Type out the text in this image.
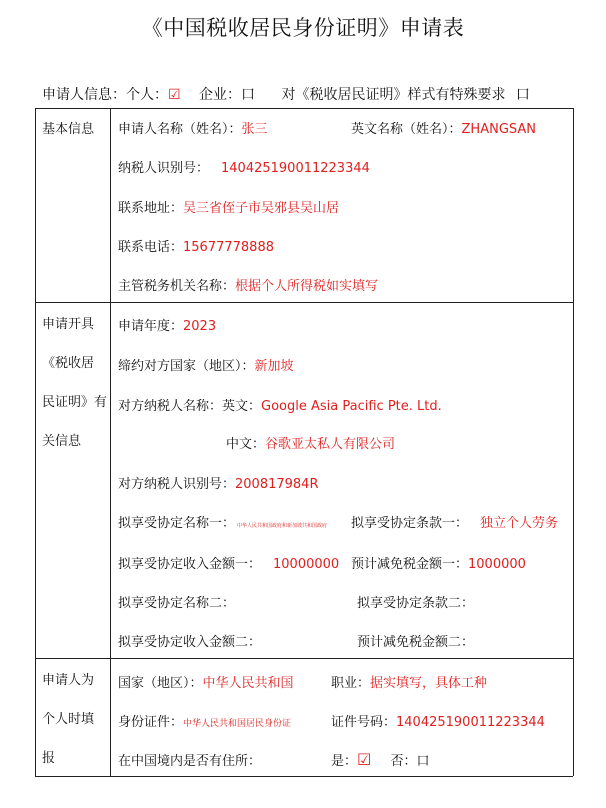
《中国税收居民身份证明》申请表
申请人信息：个人：☑ 企业：口 对《税收居民证明》样式有特殊要求 口
基本信息 申请人名称（姓名）：张三	英文名称（姓名）：ZHANGSAN
纳税人识别号： 140425190011223344
联系地址：吴三省侄子市吴邪县吴山居
联系电话：15677778888
主管税务机关名称：根据个人所得税如实填写
申请开具
《税收居
民证明》有
关信息
申请年度：2023
缔约对方国家（地区）：新加坡
对方纳税人名称：英文：Google Asia Pacific Pte. Ltd.
中文：谷歌亚太私人有限公司
对方纳税人识别号：200817984R
拟享受协定名称一： 中华人民共和国政府和新加坡共和国政府 拟享受协定条款一： 独立个人劳务
拟享受协定收入金额一： 10000000 预计减免税金额一：1000000
拟享受协定名称二：	拟享受协定条款二：
拟享受协定收入金额二：	预计减免税金额二：
申请人为
个人时填
报
国家（地区）：中华人民共和国	职业：据实填写，具体工种
身份证件：中华人民共和国居民身份证	证件号码：140425190011223344
在中国境内是否有住所：	是：☑ 否：口
